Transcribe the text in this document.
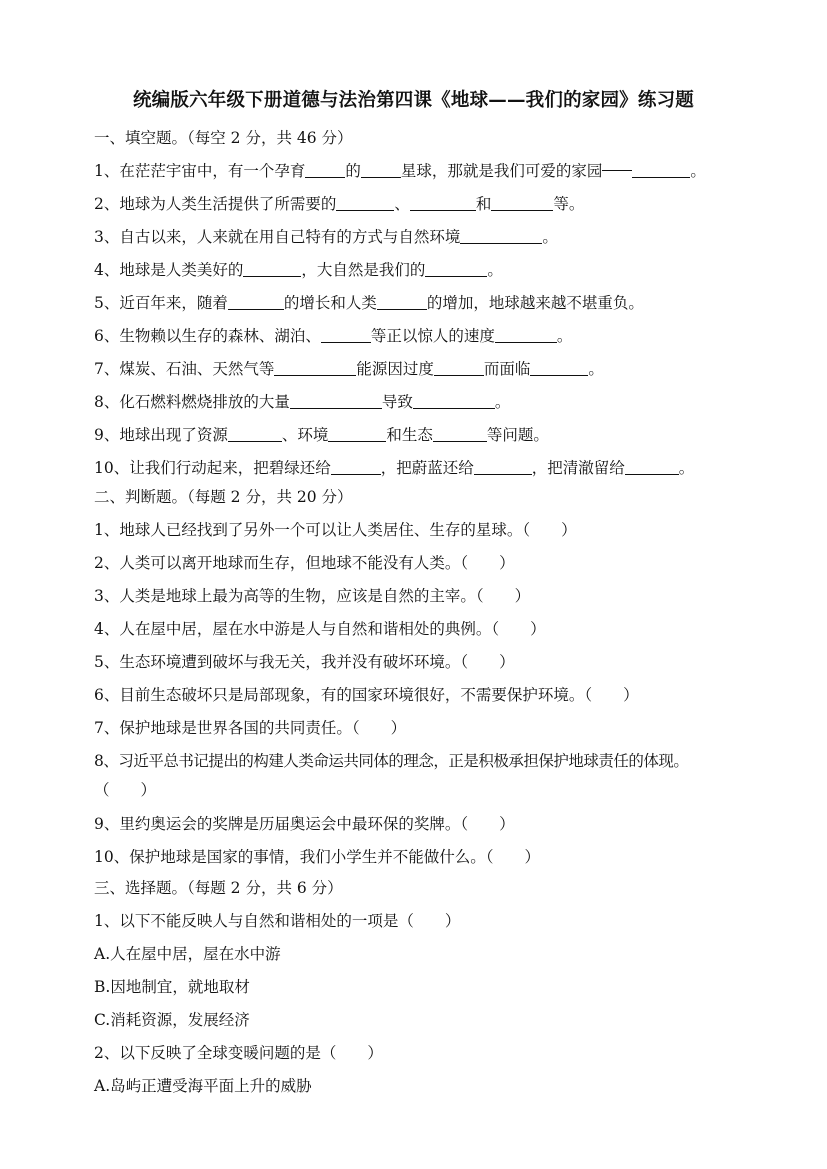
统编版六年级下册道德与法治第四课《地球——我们的家园》练习题
一、填空题。（每空 2 分，共 46 分）
1、在茫茫宇宙中，有一个孕育	的	星球，那就是我们可爱的家园	。
2、地球为人类生活提供了所需要的	、	和	等。
3、自古以来，人来就在用自己特有的方式与自然环境	。
4、地球是人类美好的	，大自然是我们的	。
5、近百年来，随着	的增长和人类	的增加，地球越来越不堪重负。
6、生物赖以生存的森林、湖泊、	等正以惊人的速度	。
7、煤炭、石油、天然气等	能源因过度	而面临	。
8、化石燃料燃烧排放的大量	导致	。
9、地球出现了资源	、环境	和生态	等问题。
10、让我们行动起来，把碧绿还给	，把蔚蓝还给	，把清澈留给	。
二、判断题。（每题 2 分，共 20 分）
1、地球人已经找到了另外一个可以让人类居住、生存的星球。（　　）
2、人类可以离开地球而生存，但地球不能没有人类。（　　）
3、人类是地球上最为高等的生物，应该是自然的主宰。（　　）
4、人在屋中居，屋在水中游是人与自然和谐相处的典例。（　　）
5、生态环境遭到破坏与我无关，我并没有破坏环境。（　　）
6、目前生态破坏只是局部现象，有的国家环境很好，不需要保护环境。（　　）
7、保护地球是世界各国的共同责任。（　　）
8、习近平总书记提出的构建人类命运共同体的理念，正是积极承担保护地球责任的体现。
（　　）
9、里约奥运会的奖牌是历届奥运会中最环保的奖牌。（　　）
10、保护地球是国家的事情，我们小学生并不能做什么。（　　）
三、选择题。（每题 2 分，共 6 分）
1、以下不能反映人与自然和谐相处的一项是（　　）
A.人在屋中居，屋在水中游
B.因地制宜，就地取材
C.消耗资源，发展经济
2、以下反映了全球变暖问题的是（　　）
A.岛屿正遭受海平面上升的威胁
